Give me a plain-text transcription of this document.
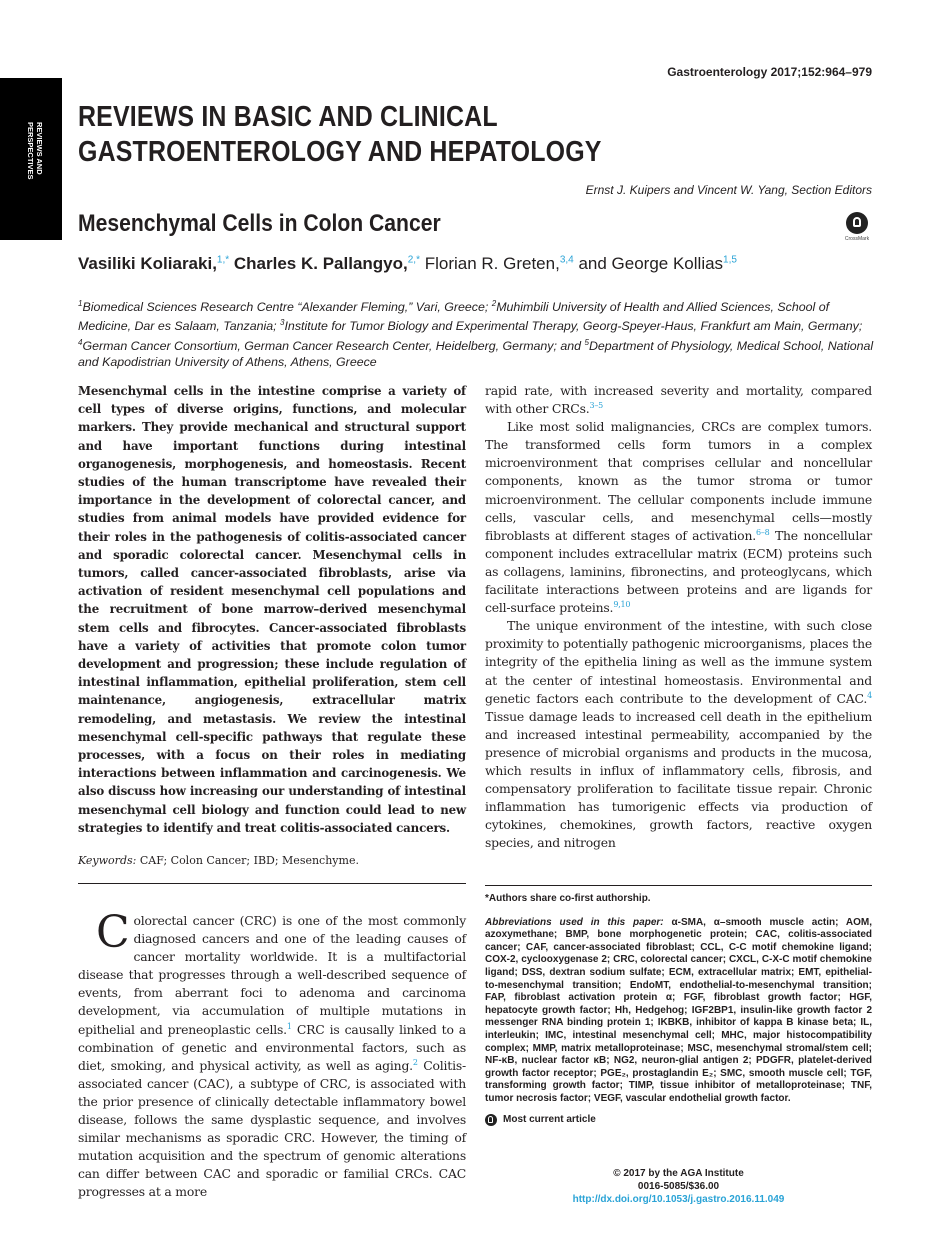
REVIEWS AND
PERSPECTIVES
Gastroenterology 2017;152:964–979
REVIEWS IN BASIC AND CLINICAL GASTROENTEROLOGY AND HEPATOLOGY
Ernst J. Kuipers and Vincent W. Yang, Section Editors
Mesenchymal Cells in Colon Cancer
CrossMark
Vasiliki Koliaraki,$^{1,*}$ Charles K. Pallangyo,$^{2,*}$ Florian R. Greten,$^{3,4}$ and George Kollias$^{1,5}$
$^1$Biomedical Sciences Research Centre “Alexander Fleming,” Vari, Greece; $^2$Muhimbili University of Health and Allied Sciences, School of Medicine, Dar es Salaam, Tanzania; $^3$Institute for Tumor Biology and Experimental Therapy, Georg-Speyer-Haus, Frankfurt am Main, Germany; $^4$German Cancer Consortium, German Cancer Research Center, Heidelberg, Germany; and $^5$Department of Physiology, Medical School, National and Kapodistrian University of Athens, Athens, Greece
Mesenchymal cells in the intestine comprise a variety of cell types of diverse origins, functions, and molecular markers. They provide mechanical and structural support and have important functions during intestinal organogenesis, morphogenesis, and homeostasis. Recent studies of the human transcriptome have revealed their importance in the development of colorectal cancer, and studies from animal models have provided evidence for their roles in the pathogenesis of colitis-associated cancer and sporadic colorectal cancer. Mesenchymal cells in tumors, called cancer-associated fibroblasts, arise via activation of resident mesenchymal cell populations and the recruitment of bone marrow–derived mesenchymal stem cells and fibrocytes. Cancer-associated fibroblasts have a variety of activities that promote colon tumor development and progression; these include regulation of intestinal inflammation, epithelial proliferation, stem cell maintenance, angiogenesis, extracellular matrix remodeling, and metastasis. We review the intestinal mesenchymal cell-specific pathways that regulate these processes, with a focus on their roles in mediating interactions between inflammation and carcinogenesis. We also discuss how increasing our understanding of intestinal mesenchymal cell biology and function could lead to new strategies to identify and treat colitis-associated cancers.
Keywords: CAF; Colon Cancer; IBD; Mesenchyme.
C olorectal cancer (CRC) is one of the most commonly diagnosed cancers and one of the leading causes of cancer mortality worldwide. It is a multifactorial disease that progresses through a well-described sequence of events, from aberrant foci to adenoma and carcinoma development, via accumulation of multiple mutations in epithelial and preneoplastic cells.$^1$ CRC is causally linked to a combination of genetic and environmental factors, such as diet, smoking, and physical activity, as well as aging.$^2$ Colitis-associated cancer (CAC), a subtype of CRC, is associated with the prior presence of clinically detectable inflammatory bowel disease, follows the same dysplastic sequence, and involves similar mechanisms as sporadic CRC. However, the timing of mutation acquisition and the spectrum of genomic alterations can differ between CAC and sporadic or familial CRCs. CAC progresses at a more

rapid rate, with increased severity and mortality, compared with other CRCs.$^{3-5}$

Like most solid malignancies, CRCs are complex tumors. The transformed cells form tumors in a complex microenvironment that comprises cellular and noncellular components, known as the tumor stroma or tumor microenvironment. The cellular components include immune cells, vascular cells, and mesenchymal cells—mostly fibroblasts at different stages of activation.$^{6-8}$ The noncellular component includes extracellular matrix (ECM) proteins such as collagens, laminins, fibronectins, and proteoglycans, which facilitate interactions between proteins and are ligands for cell-surface proteins.$^{9,10}$

The unique environment of the intestine, with such close proximity to potentially pathogenic microorganisms, places the integrity of the epithelia lining as well as the immune system at the center of intestinal homeostasis. Environmental and genetic factors each contribute to the development of CAC.$^4$ Tissue damage leads to increased cell death in the epithelium and increased intestinal permeability, accompanied by the presence of microbial organisms and products in the mucosa, which results in influx of inflammatory cells, fibrosis, and compensatory proliferation to facilitate tissue repair. Chronic inflammation has tumorigenic effects via production of cytokines, chemokines, growth factors, reactive oxygen species, and nitrogen

*Authors share co-first authorship.
Abbreviations used in this paper: α-SMA, α–smooth muscle actin; AOM, azoxymethane; BMP, bone morphogenetic protein; CAC, colitis-associated cancer; CAF, cancer-associated fibroblast; CCL, C-C motif chemokine ligand; COX-2, cyclooxygenase 2; CRC, colorectal cancer; CXCL, C-X-C motif chemokine ligand; DSS, dextran sodium sulfate; ECM, extracellular matrix; EMT, epithelial-to-mesenchymal transition; EndoMT, endothelial-to-mesenchymal transition; FAP, fibroblast activation protein α; FGF, fibroblast growth factor; HGF, hepatocyte growth factor; Hh, Hedgehog; IGF2BP1, insulin-like growth factor 2 messenger RNA binding protein 1; IKBKB, inhibitor of kappa B kinase beta; IL, interleukin; IMC, intestinal mesenchymal cell; MHC, major histocompatibility complex; MMP, matrix metalloproteinase; MSC, mesenchymal stromal/stem cell; NF-κB, nuclear factor κB; NG2, neuron-glial antigen 2; PDGFR, platelet-derived growth factor receptor; PGE₂, prostaglandin E₂; SMC, smooth muscle cell; TGF, transforming growth factor; TIMP, tissue inhibitor of metalloproteinase; TNF, tumor necrosis factor; VEGF, vascular endothelial growth factor.
Most current article
© 2017 by the AGA Institute
0016-5085/$36.00
http://dx.doi.org/10.1053/j.gastro.2016.11.049
